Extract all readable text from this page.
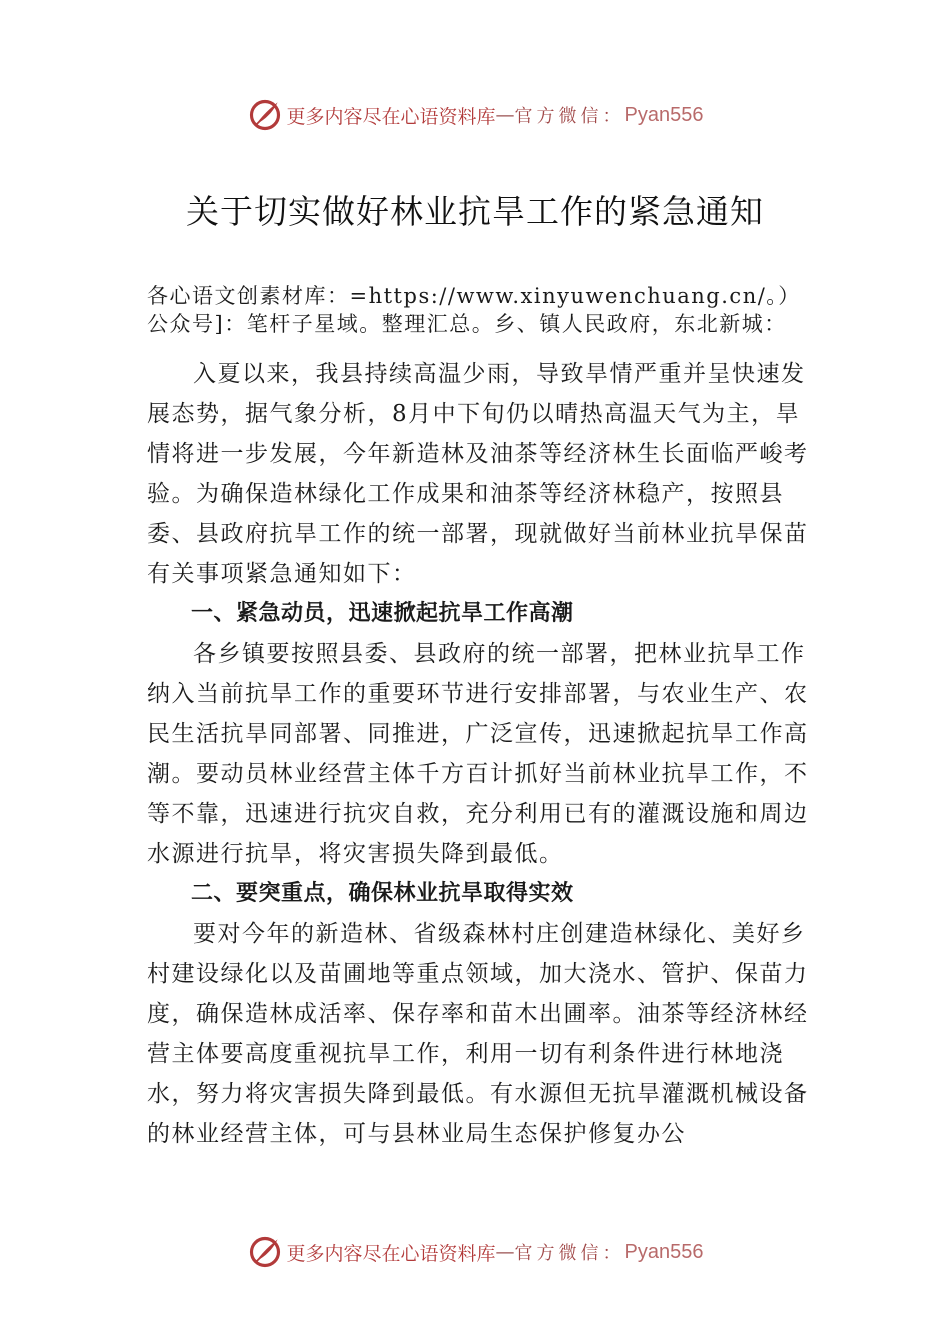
更多内容尽在心语资料库 — 官方微信： Pyan556
关于切实做好林业抗旱工作的紧急通知

各心语文创素材库：=https://www.xinyuwenchuang.cn/。）公众号]：笔杆子星域。整理汇总。乡、镇人民政府，东北新城：

入夏以来，我县持续高温少雨，导致旱情严重并呈快速发展态势，据气象分析，8月中下旬仍以晴热高温天气为主，旱情将进一步发展，今年新造林及油茶等经济林生长面临严峻考验。为确保造林绿化工作成果和油茶等经济林稳产，按照县委、县政府抗旱工作的统一部署，现就做好当前林业抗旱保苗有关事项紧急通知如下：

一、紧急动员，迅速掀起抗旱工作高潮

各乡镇要按照县委、县政府的统一部署，把林业抗旱工作纳入当前抗旱工作的重要环节进行安排部署，与农业生产、农民生活抗旱同部署、同推进，广泛宣传，迅速掀起抗旱工作高潮。要动员林业经营主体千方百计抓好当前林业抗旱工作，不等不靠，迅速进行抗灾自救，充分利用已有的灌溉设施和周边水源进行抗旱，将灾害损失降到最低。

二、要突重点，确保林业抗旱取得实效

要对今年的新造林、省级森林村庄创建造林绿化、美好乡村建设绿化以及苗圃地等重点领域，加大浇水、管护、保苗力度，确保造林成活率、保存率和苗木出圃率。油茶等经济林经营主体要高度重视抗旱工作，利用一切有利条件进行林地浇水，努力将灾害损失降到最低。有水源但无抗旱灌溉机械设备的林业经营主体，可与县林业局生态保护修复办公

更多内容尽在心语资料库 — 官方微信： Pyan556
